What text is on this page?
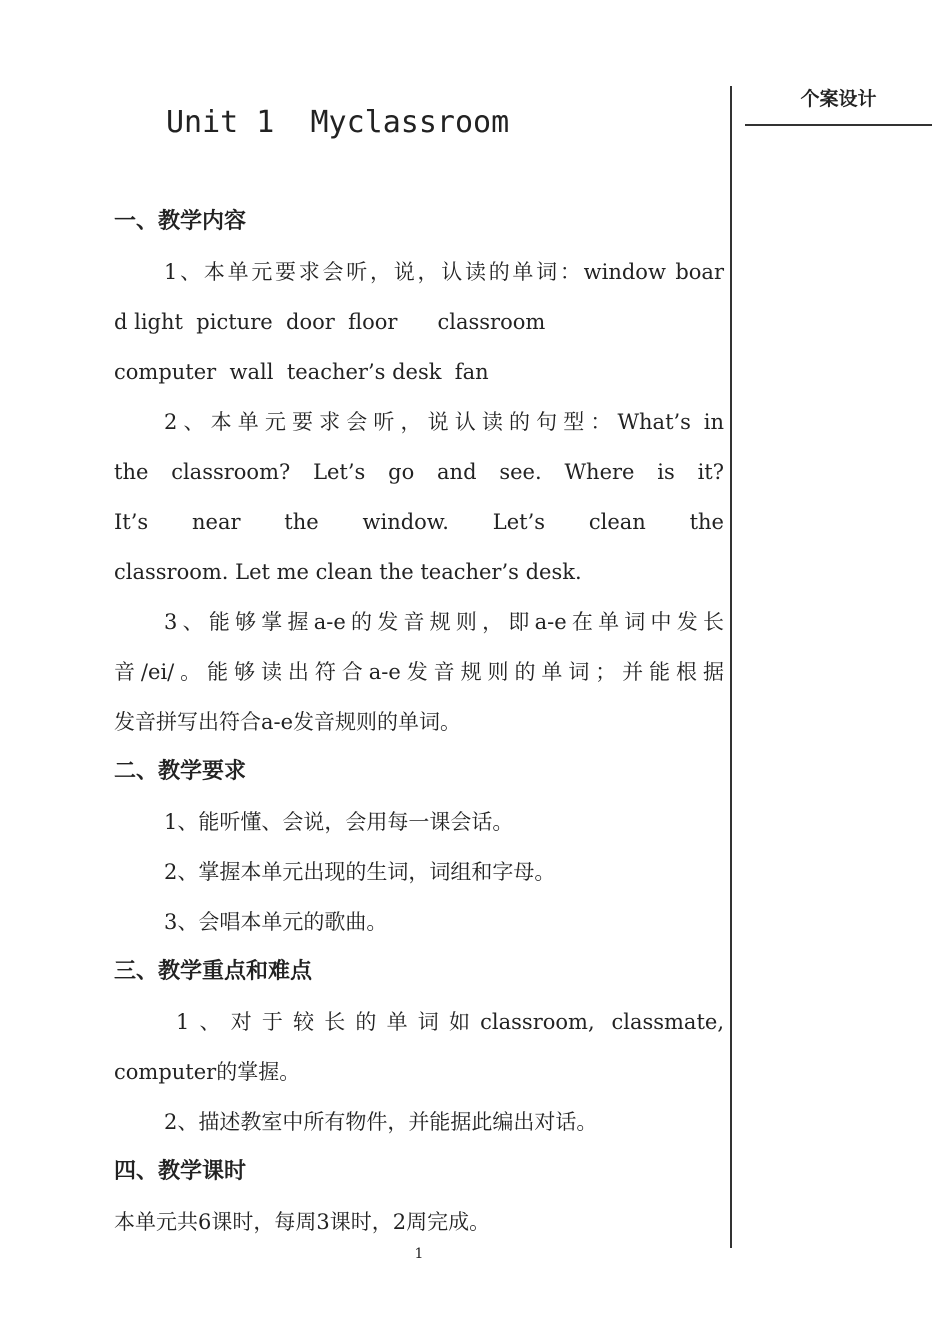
个案设计
Unit 1  Myclassroom
一、教学内容
1、本单元要求会听，说，认读的单词：window boar
d light  picture  door  floor      classroom
computer  wall  teacher’s desk  fan
2、本单元要求会听，说认读的句型：What’s in
the classroom? Let’s go and see. Where is it?
It’s near the window. Let’s clean the
classroom. Let me clean the teacher’s desk.
3、能够掌握a-e的发音规则，即a-e在单词中发长
音/ei/。能够读出符合a-e发音规则的单词；并能根据
发音拼写出符合a-e发音规则的单词。
二、教学要求
1、能听懂、会说，会用每一课会话。
2、掌握本单元出现的生词，词组和字母。
3、会唱本单元的歌曲。
三、教学重点和难点
1、对于较长的单词如classroom, classmate,
computer的掌握。
2、描述教室中所有物件，并能据此编出对话。
四、教学课时
本单元共6课时，每周3课时，2周完成。
1
